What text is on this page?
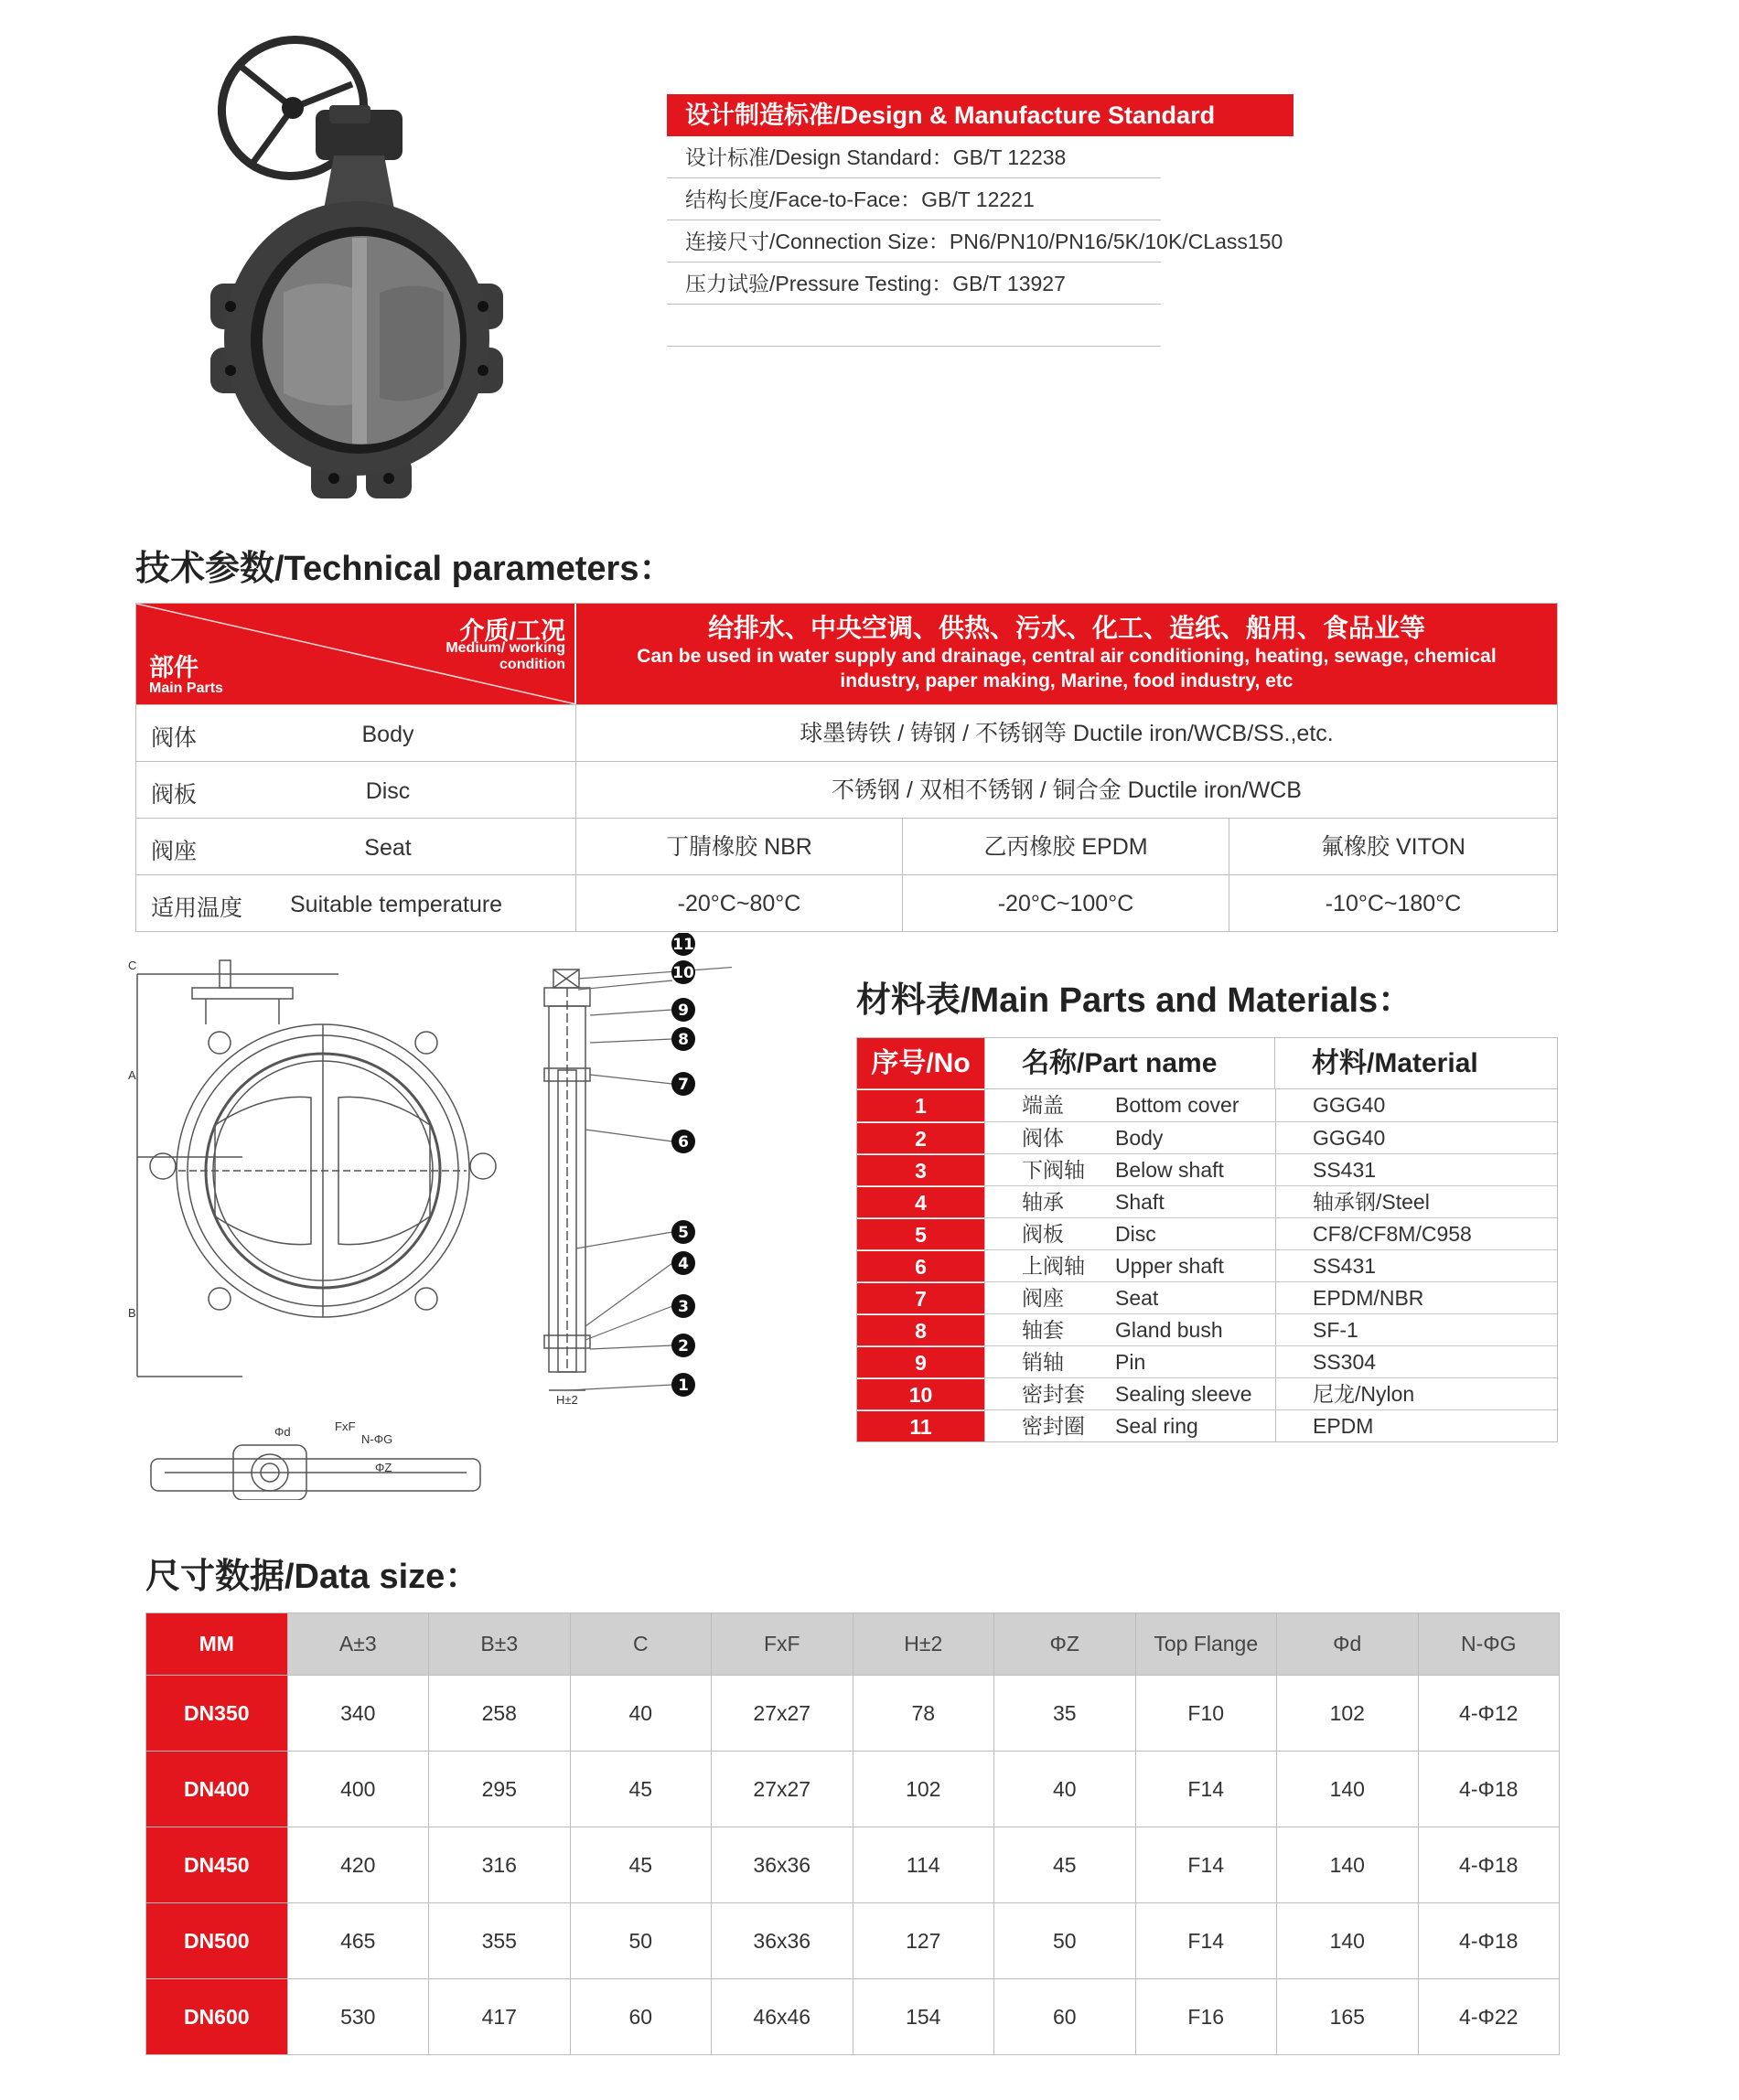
设计制造标准/Design & Manufacture Standard
设计标准/Design Standard：GB/T 12238
结构长度/Face-to-Face：GB/T 12221
连接尺寸/Connection Size：PN6/PN10/PN16/5K/10K/CLass150
压力试验/Pressure Testing：GB/T 13927
技术参数/Technical parameters：
介质/工况
Medium/ working condition
部件
Main Parts
给排水、中央空调、供热、污水、化工、造纸、船用、食品业等
Can be used in water supply and drainage, central air conditioning, heating, sewage, chemical industry, paper making, Marine, food industry, etc
阀体	Body	球墨铸铁 / 铸钢 / 不锈钢等 Ductile iron/WCB/SS.,etc.
阀板	Disc	不锈钢 / 双相不锈钢 / 铜合金 Ductile iron/WCB
阀座	Seat	丁腈橡胶 NBR	乙丙橡胶 EPDM	氟橡胶 VITON
适用温度 Suitable temperature	-20°C~80°C	-20°C~100°C	-10°C~180°C
C
A
B
H±2
Φd	FxF
N-ΦG
11
10
9
8
7
6
5
4
3
2
1
ΦZ
材料表/Main Parts and Materials：
序号/No	名称/Part name	材料/Material
1	端盖	Bottom cover	GGG40
2	阀体	Body	GGG40
3	下阀轴	Below shaft	SS431
4	轴承	Shaft	轴承钢/Steel
5	阀板	Disc	CF8/CF8M/C958
6	上阀轴	Upper shaft	SS431
7	阀座	Seat	EPDM/NBR
8	轴套	Gland bush	SF-1
9	销轴	Pin	SS304
10	密封套	Sealing sleeve	尼龙/Nylon
11	密封圈	Seal ring	EPDM
尺寸数据/Data size：
MM	A±3	B±3	C	FxF	H±2	ΦZ	Top Flange	Φd	N-ΦG
DN350	340	258	40	27x27	78	35	F10	102	4-Φ12
DN400	400	295	45	27x27	102	40	F14	140	4-Φ18
DN450	420	316	45	36x36	114	45	F14	140	4-Φ18
DN500	465	355	50	36x36	127	50	F14	140	4-Φ18
DN600	530	417	60	46x46	154	60	F16	165	4-Φ22
